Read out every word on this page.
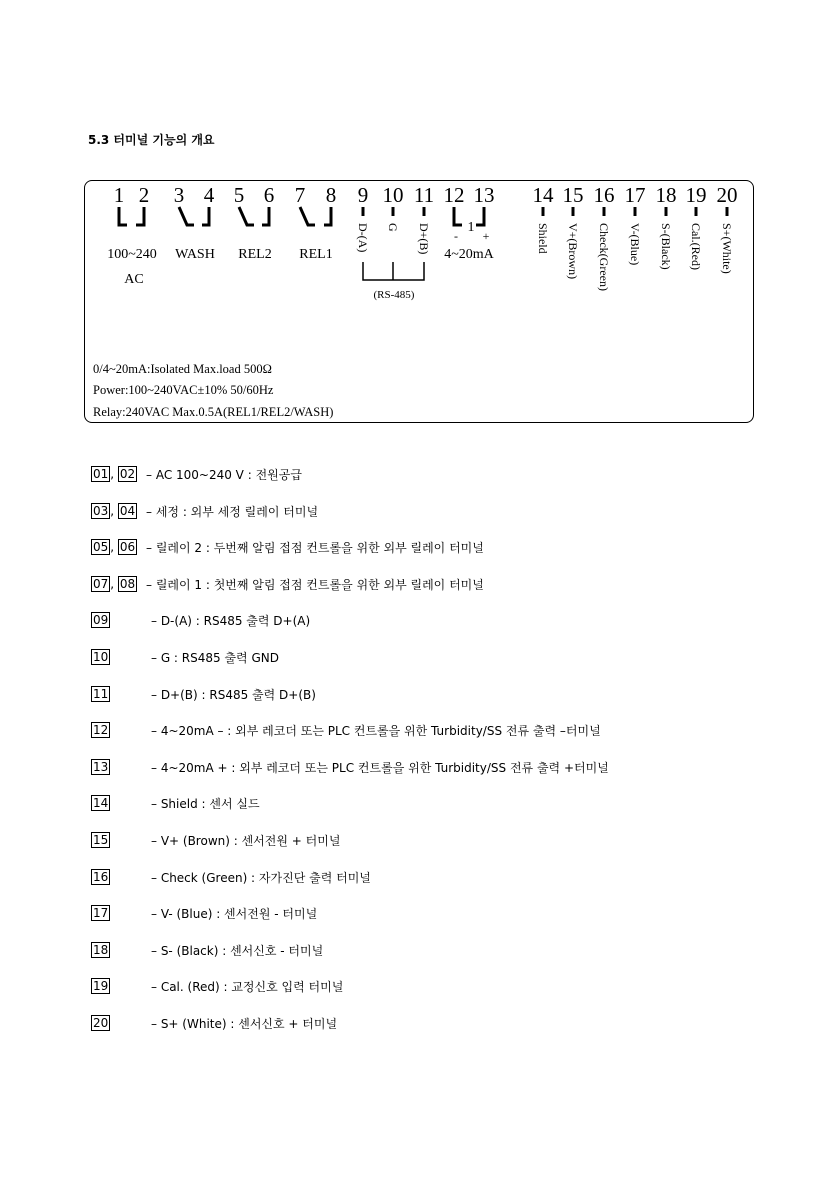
5.3 터미널 기능의 개요
1 2 3 4 5 6 7 8 9 10 11 12 13 14 15 16 17 18 19 20
100~240
AC
WASH REL2 REL1	4~20mA
1
- +
(RS-485)
D-(A) G D+(B)	Shield V+(Brown) Check(Green) V-(Blue) S-(Black) Cal.(Red) S+(White)
0/4~20mA:Isolated Max.load 500Ω
Power:100~240VAC±10% 50/60Hz
Relay:240VAC Max.0.5A(REL1/REL2/WASH)
01 , 02 – AC 100~240 V : 전원공급
03 , 04 – 세정 : 외부 세정 릴레이 터미널
05 , 06 – 릴레이 2 : 두번째 알림 접점 컨트롤을 위한 외부 릴레이 터미널
07 , 08 – 릴레이 1 : 첫번째 알림 접점 컨트롤을 위한 외부 릴레이 터미널
09	– D-(A) : RS485 출력 D+(A)
10	– G : RS485 출력 GND
11	– D+(B) : RS485 출력 D+(B)
12	– 4~20mA – : 외부 레코더 또는 PLC 컨트롤을 위한 Turbidity/SS 전류 출력 –터미널
13	– 4~20mA + : 외부 레코더 또는 PLC 컨트롤을 위한 Turbidity/SS 전류 출력 +터미널
14	– Shield : 센서 실드
15	– V+ (Brown) : 센서전원 + 터미널
16	– Check (Green) : 자가진단 출력 터미널
17	– V- (Blue) : 센서전원 - 터미널
18	– S- (Black) : 센서신호 - 터미널
19	– Cal. (Red) : 교정신호 입력 터미널
20	– S+ (White) : 센서신호 + 터미널
